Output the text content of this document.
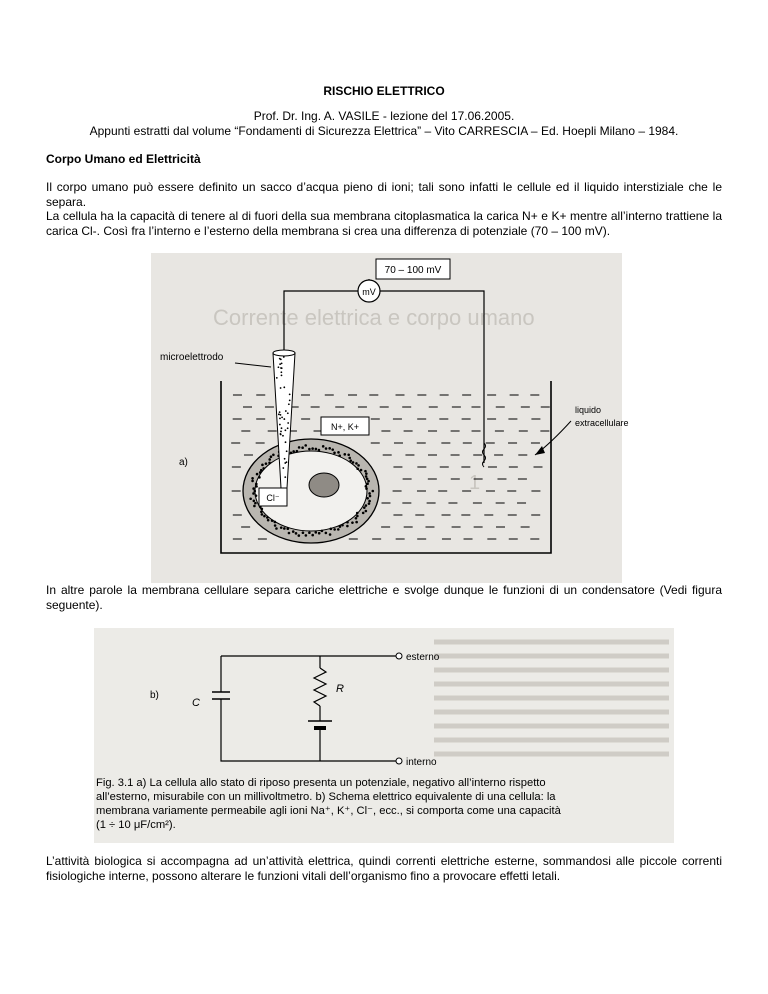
RISCHIO ELETTRICO
Prof. Dr. Ing. A. VASILE - lezione del 17.06.2005.
Appunti estratti dal volume “Fondamenti di Sicurezza Elettrica” – Vito CARRESCIA – Ed. Hoepli Milano – 1984.
Corpo Umano ed Elettricità
Il corpo umano può essere definito un sacco d’acqua pieno di ioni; tali sono infatti le cellule ed il liquido interstiziale che le separa.
La cellula ha la capacità di tenere al di fuori della sua membrana citoplasmatica la carica N+ e K+ mentre all’interno trattiene la carica Cl-. Così fra l’interno e l’esterno della membrana si crea una differenza di potenziale (70 – 100 mV).
Corrente elettrica e corpo umano
1
70 – 100 mV
mV
microelettrodo
N+, K+
liquido
extracellulare
a)
Cl⁻
In altre parole la membrana cellulare separa cariche elettriche e svolge dunque le funzioni di un condensatore (Vedi figura seguente).
C
R
esterno
interno
b)
Fig. 3.1 a) La cellula allo stato di riposo presenta un potenziale, negativo all’interno rispetto
all’esterno, misurabile con un millivoltmetro. b) Schema elettrico equivalente di una cellula: la
membrana variamente permeabile agli ioni Na⁺, K⁺, Cl⁻, ecc., si comporta come una capacità
(1 ÷ 10 μF/cm²).
L’attività biologica si accompagna ad un’attività elettrica, quindi correnti elettriche esterne, sommandosi alle piccole correnti fisiologiche interne, possono alterare le funzioni vitali dell’organismo fino a provocare effetti letali.
